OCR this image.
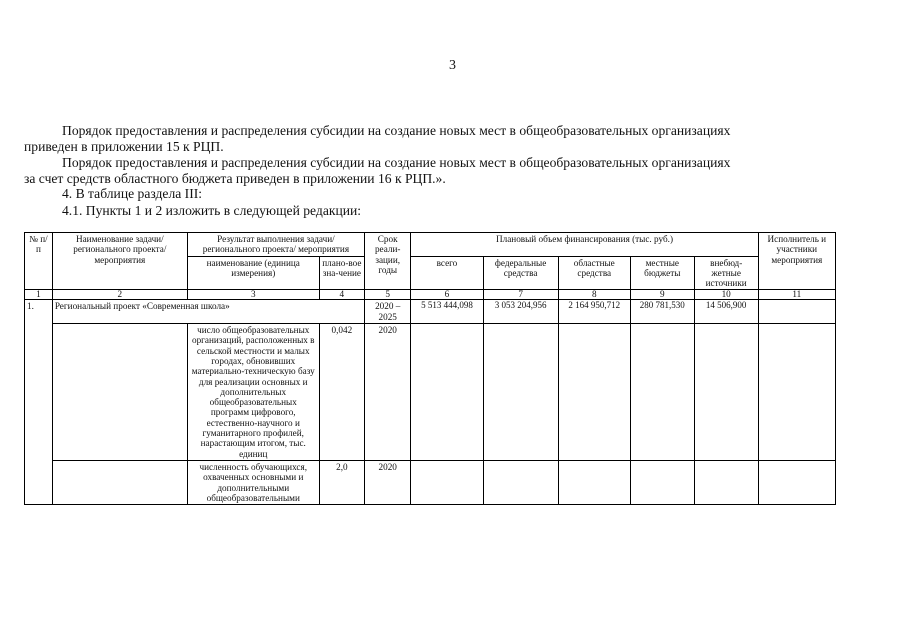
3
Порядок предоставления и распределения субсидии на создание новых мест в общеобразовательных организациях
приведен в приложении 15 к РЦП.
Порядок предоставления и распределения субсидии на создание новых мест в общеобразовательных организациях
за счет средств областного бюджета приведен в приложении 16 к РЦП.».
4. В таблице раздела III:
4.1. Пункты 1 и 2 изложить в следующей редакции:
№ п/п	Наименование задачи/ регионального проекта/ мероприятия	Результат выполнения задачи/ регионального проекта/ мероприятия		Срок реали-зации, годы	Плановый объем финансирования (тыс. руб.)					Исполнитель и участники мероприятия
		наименование (единица измерения)	плано-вое зна-чение		всего	федеральные средства	областные средства	местные бюджеты	внебюд-жетные источники	
1	2	3	4	5	6	7	8	9	10	11
1.	Региональный проект «Современная школа»			2020 – 2025	5 513 444,098	3 053 204,956	2 164 950,712	280 781,530	14 506,900	
		число общеобразовательных организаций, расположенных в сельской местности и малых городах, обновивших материально-техническую базу для реализации основных и дополнительных общеобразовательных программ цифрового, естественно-научного и гуманитарного профилей, нарастающим итогом, тыс. единиц	0,042	2020						
		численность обучающихся, охваченных основными и дополнительными общеобразовательными	2,0	2020						
